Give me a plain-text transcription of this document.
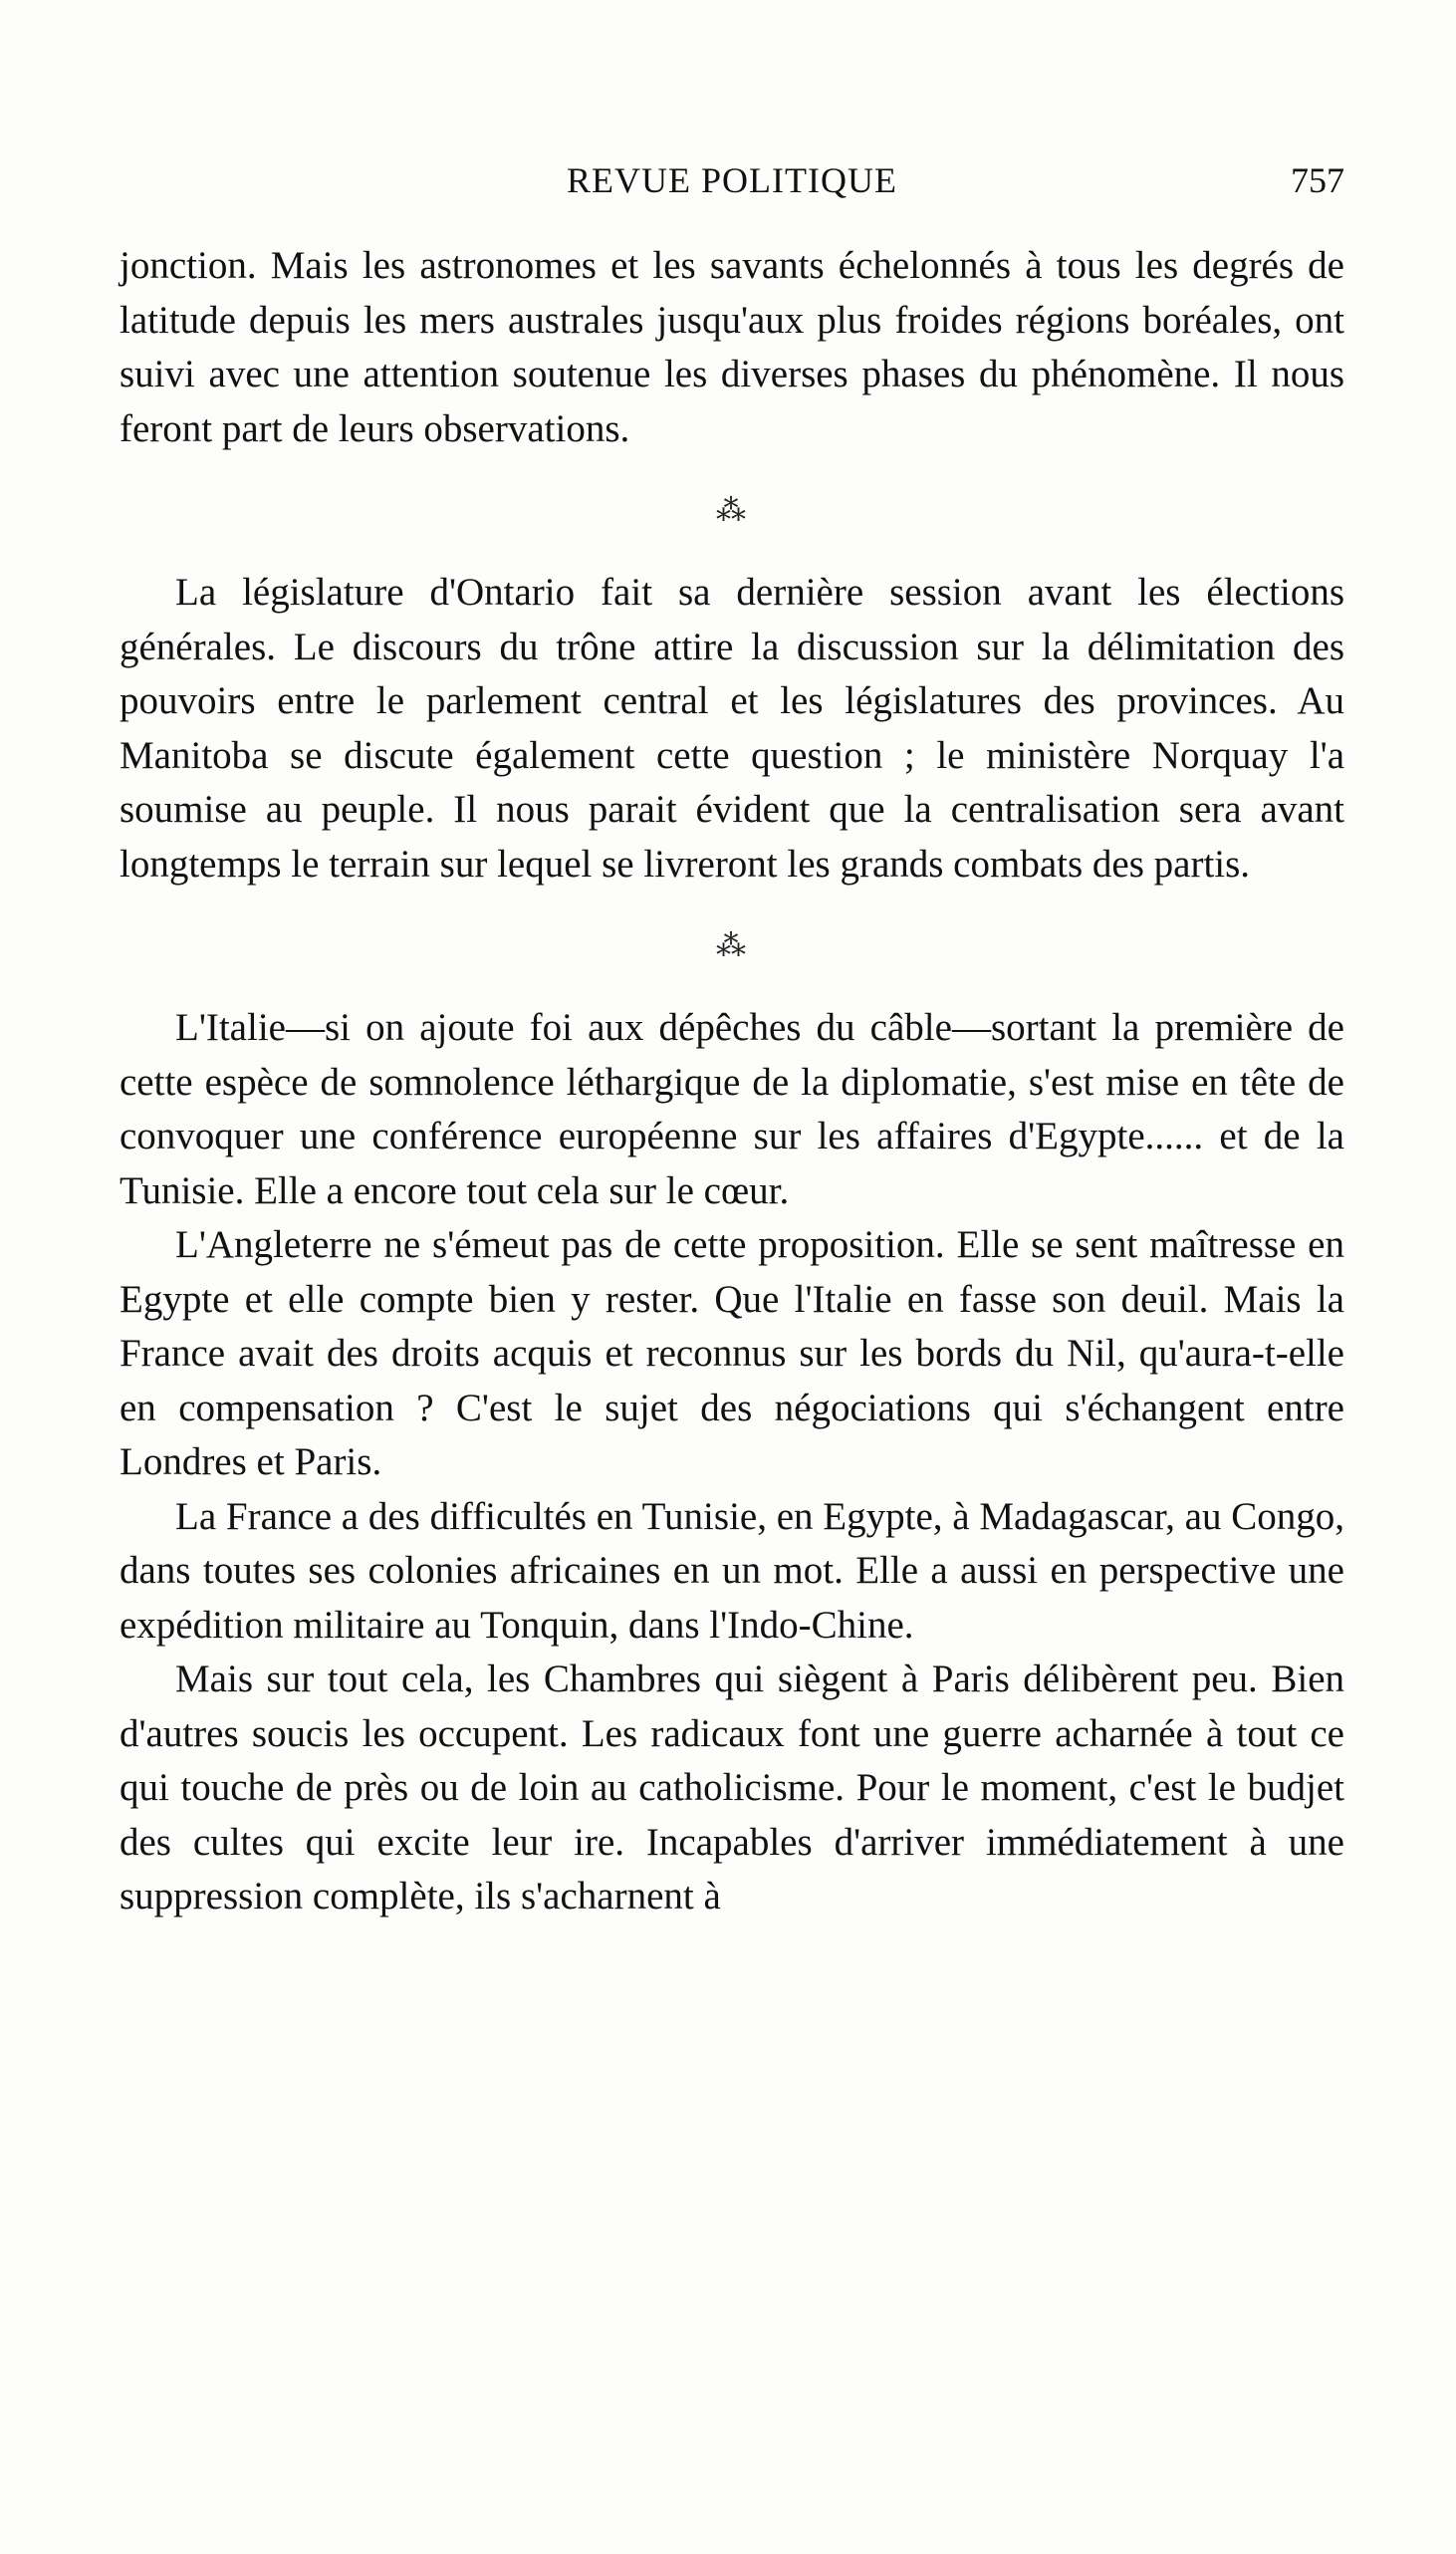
REVUE POLITIQUE	757

jonction. Mais les astronomes et les savants échelonnés à tous les degrés de latitude depuis les mers australes jusqu'aux plus froides régions boréales, ont suivi avec une attention soutenue les diverses phases du phénomène. Il nous feront part de leurs observations.

⁂

La législature d'Ontario fait sa dernière session avant les élections générales. Le discours du trône attire la discussion sur la délimitation des pouvoirs entre le parlement central et les législatures des provinces. Au Manitoba se discute également cette question ; le ministère Norquay l'a soumise au peuple. Il nous parait évident que la centralisation sera avant longtemps le terrain sur lequel se livreront les grands combats des partis.

⁂

L'Italie—si on ajoute foi aux dépêches du câble—sortant la première de cette espèce de somnolence léthargique de la diplomatie, s'est mise en tête de convoquer une conférence européenne sur les affaires d'Egypte...... et de la Tunisie. Elle a encore tout cela sur le cœur.

L'Angleterre ne s'émeut pas de cette proposition. Elle se sent maîtresse en Egypte et elle compte bien y rester. Que l'Italie en fasse son deuil. Mais la France avait des droits acquis et reconnus sur les bords du Nil, qu'aura-t-elle en compensation ? C'est le sujet des négociations qui s'échangent entre Londres et Paris.

La France a des difficultés en Tunisie, en Egypte, à Madagascar, au Congo, dans toutes ses colonies africaines en un mot. Elle a aussi en perspective une expédition militaire au Tonquin, dans l'Indo-Chine.

Mais sur tout cela, les Chambres qui siègent à Paris délibèrent peu. Bien d'autres soucis les occupent. Les radicaux font une guerre acharnée à tout ce qui touche de près ou de loin au catholicisme. Pour le moment, c'est le budjet des cultes qui excite leur ire. Incapables d'arriver immédiatement à une suppression complète, ils s'acharnent à
